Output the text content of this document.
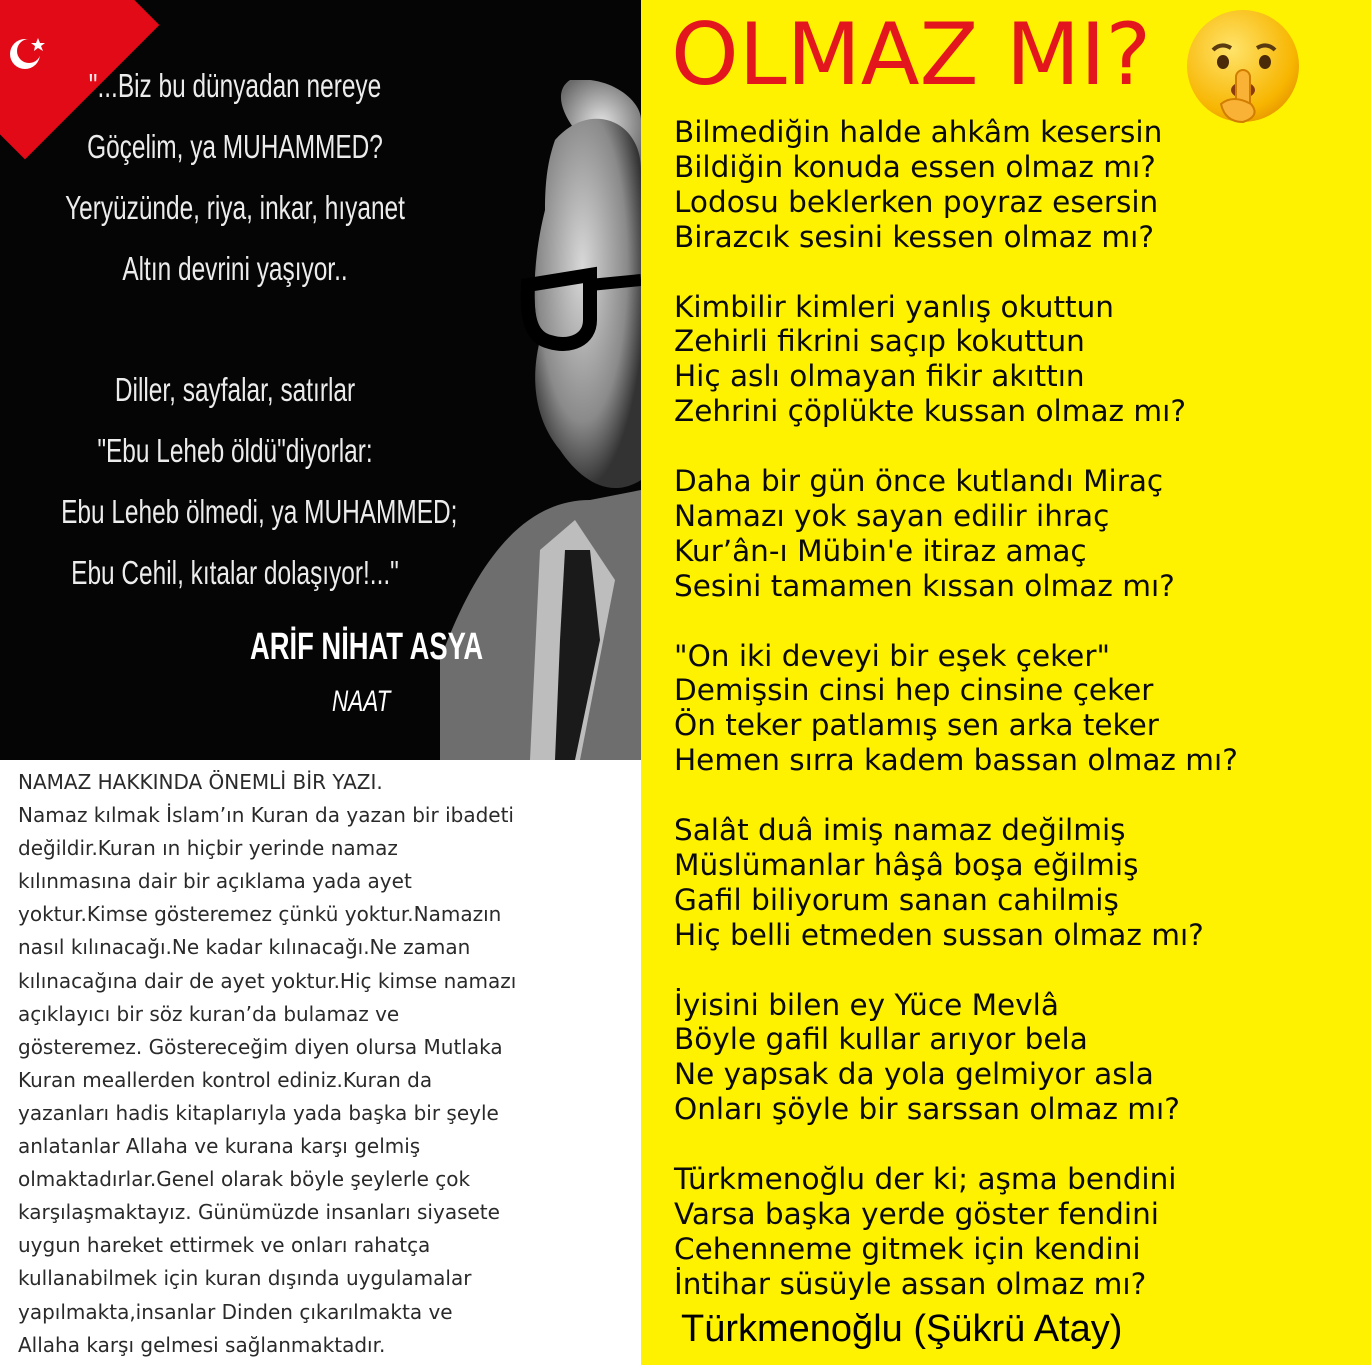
"...Biz bu dünyadan nereye
Göçelim, ya MUHAMMED?
Yeryüzünde, riya, inkar, hıyanet
Altın devrini yaşıyor..
Diller, sayfalar, satırlar
"Ebu Leheb öldü"diyorlar:
Ebu Leheb ölmedi, ya MUHAMMED;
Ebu Cehil, kıtalar dolaşıyor!..."
ARİF NİHAT ASYA
NAAT
NAMAZ HAKKINDA ÖNEMLİ BİR YAZI.
Namaz kılmak İslam’ın Kuran da yazan bir ibadeti
değildir.Kuran ın hiçbir yerinde namaz
kılınmasına dair bir açıklama yada ayet
yoktur.Kimse gösteremez çünkü yoktur.Namazın
nasıl kılınacağı.Ne kadar kılınacağı.Ne zaman
kılınacağına dair de ayet yoktur.Hiç kimse namazı
açıklayıcı bir söz kuran’da bulamaz ve
gösteremez. Göstereceğim diyen olursa Mutlaka
Kuran meallerden kontrol ediniz.Kuran da
yazanları hadis kitaplarıyla yada başka bir şeyle
anlatanlar Allaha ve kurana karşı gelmiş
olmaktadırlar.Genel olarak böyle şeylerle çok
karşılaşmaktayız. Günümüzde insanları siyasete
uygun hareket ettirmek ve onları rahatça
kullanabilmek için kuran dışında uygulamalar
yapılmakta,insanlar Dinden çıkarılmakta ve
Allaha karşı gelmesi sağlanmaktadır.
OLMAZ MI?
Bilmediğin halde ahkâm kesersin
Bildiğin konuda essen olmaz mı?
Lodosu beklerken poyraz esersin
Birazcık sesini kessen olmaz mı?
Kimbilir kimleri yanlış okuttun
Zehirli fikrini saçıp kokuttun
Hiç aslı olmayan fikir akıttın
Zehrini çöplükte kussan olmaz mı?
Daha bir gün önce kutlandı Miraç
Namazı yok sayan edilir ihraç
Kur’ân-ı Mübin'e itiraz amaç
Sesini tamamen kıssan olmaz mı?
"On iki deveyi bir eşek çeker"
Demişsin cinsi hep cinsine çeker
Ön teker patlamış sen arka teker
Hemen sırra kadem bassan olmaz mı?
Salât duâ imiş namaz değilmiş
Müslümanlar hâşâ boşa eğilmiş
Gafil biliyorum sanan cahilmiş
Hiç belli etmeden sussan olmaz mı?
İyisini bilen ey Yüce Mevlâ
Böyle gafil kullar arıyor bela
Ne yapsak da yola gelmiyor asla
Onları şöyle bir sarssan olmaz mı?
Türkmenoğlu der ki; aşma bendini
Varsa başka yerde göster fendini
Cehenneme gitmek için kendini
İntihar süsüyle assan olmaz mı?
Türkmenoğlu (Şükrü Atay)
